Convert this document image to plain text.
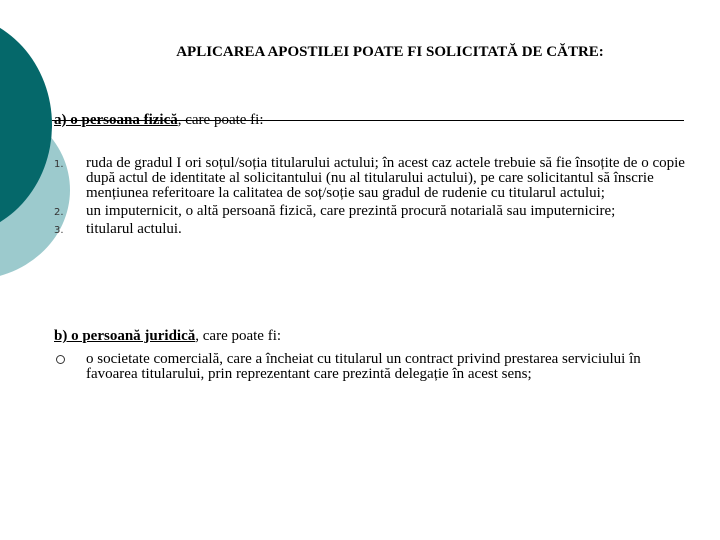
APLICAREA APOSTILEI POATE FI SOLICITATĂ DE CĂTRE:
a) o persoana fizică, care poate fi:
1. ruda de gradul I ori soțul/soția titularului actului; în acest caz actele trebuie să fie însoțite de o copie după actul de identitate al solicitantului (nu al titularului actului), pe care solicitantul să înscrie mențiunea referitoare la calitatea de soț/soție sau gradul de rudenie cu titularul actului;
2. un imputernicit, o altă persoană fizică, care prezintă procură notarială sau imputernicire;
3. titularul actului.
b) o persoană juridică, care poate fi:
o societate comercială, care a încheiat cu titularul un contract privind prestarea serviciului în favoarea titularului, prin reprezentant care prezintă delegație în acest sens;
